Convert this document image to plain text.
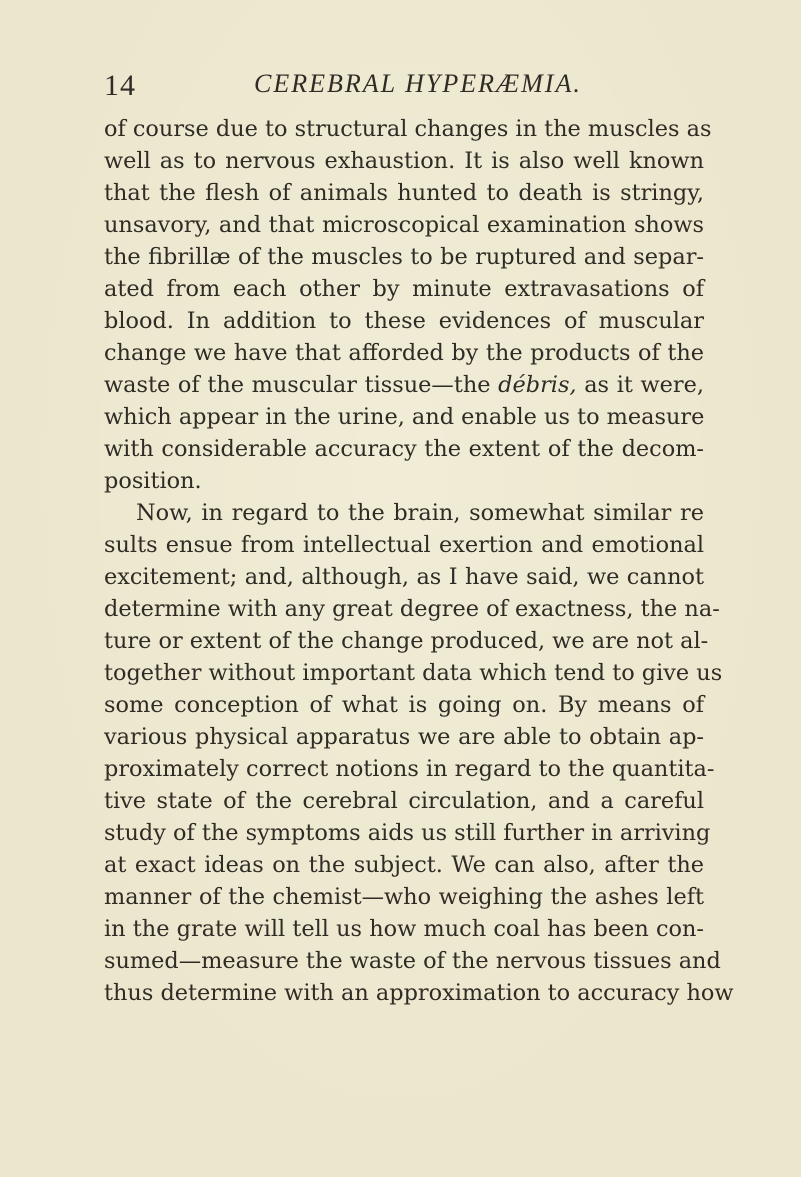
14	CEREBRAL HYPERÆMIA.
of course due to structural changes in the muscles as
well as to nervous exhaustion. It is also well known
that the flesh of animals hunted to death is stringy,
unsavory, and that microscopical examination shows
the fibrillæ of the muscles to be ruptured and separ-
ated from each other by minute extravasations of
blood. In addition to these evidences of muscular
change we have that afforded by the products of the
waste of the muscular tissue—the débris, as it were,
which appear in the urine, and enable us to measure
with considerable accuracy the extent of the decom-
position.
Now, in regard to the brain, somewhat similar re
sults ensue from intellectual exertion and emotional
excitement; and, although, as I have said, we cannot
determine with any great degree of exactness, the na-
ture or extent of the change produced, we are not al-
together without important data which tend to give us
some conception of what is going on. By means of
various physical apparatus we are able to obtain ap-
proximately correct notions in regard to the quantita-
tive state of the cerebral circulation, and a careful
study of the symptoms aids us still further in arriving
at exact ideas on the subject. We can also, after the
manner of the chemist—who weighing the ashes left
in the grate will tell us how much coal has been con-
sumed—measure the waste of the nervous tissues and
thus determine with an approximation to accuracy how
